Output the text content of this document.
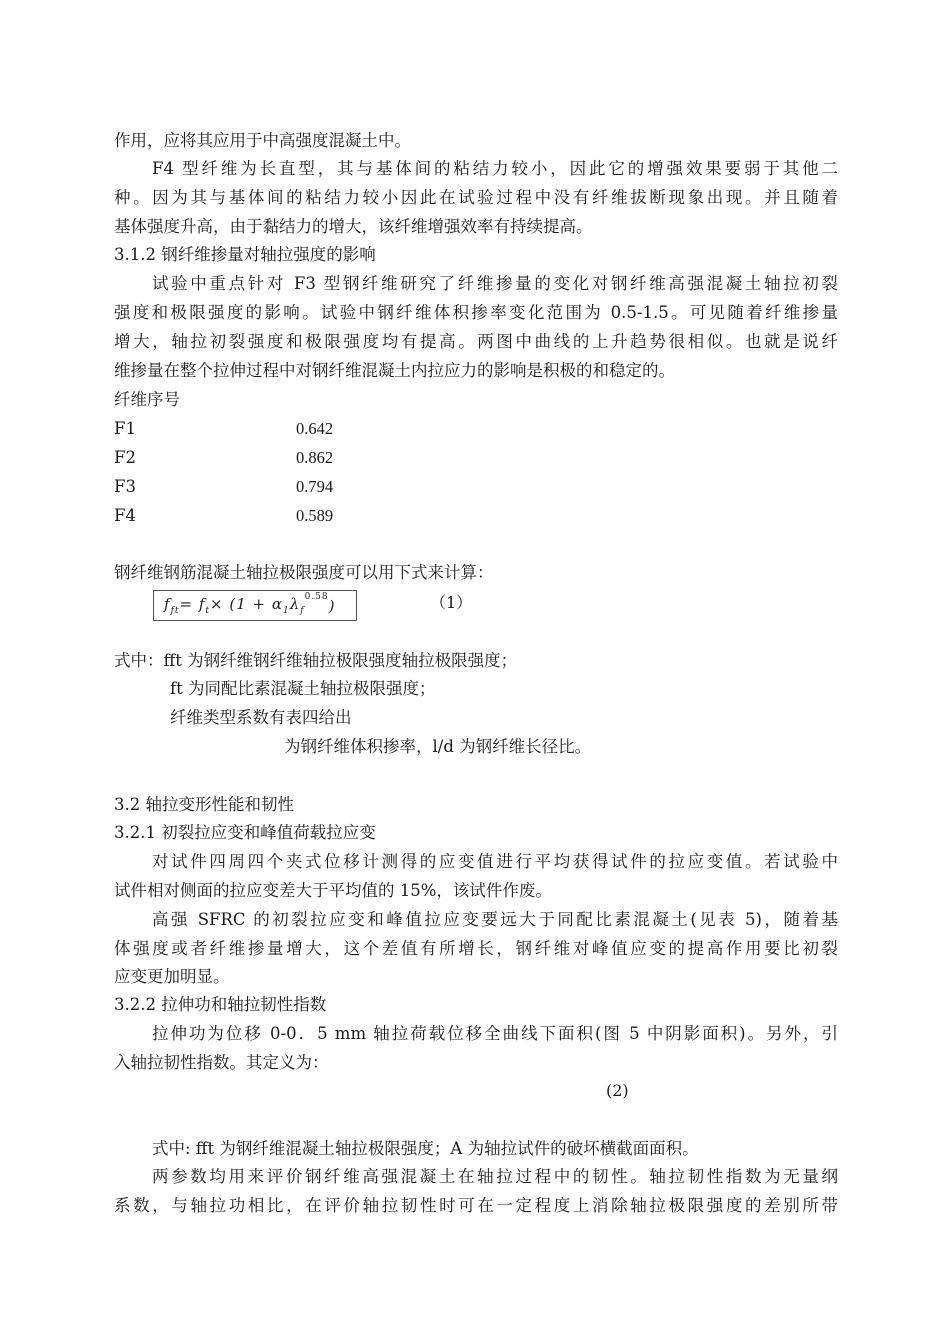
作用，应将其应用于中高强度混凝土中。
F4 型纤维为长直型，其与基体间的粘结力较小，因此它的增强效果要弱于其他二
种。因为其与基体间的粘结力较小因此在试验过程中没有纤维拔断现象出现。并且随着
基体强度升高，由于黏结力的增大，该纤维增强效率有持续提高。
3.1.2 钢纤维掺量对轴拉强度的影响
试验中重点针对 F3 型钢纤维研究了纤维掺量的变化对钢纤维高强混凝土轴拉初裂
强度和极限强度的影响。试验中钢纤维体积掺率变化范围为 0.5-1.5。可见随着纤维掺量
增大，轴拉初裂强度和极限强度均有提高。两图中曲线的上升趋势很相似。也就是说纤
维掺量在整个拉伸过程中对钢纤维混凝土内拉应力的影响是积极的和稳定的。
纤维序号
F1	0.642
F2	0.862
F3	0.794
F4	0.589
钢纤维钢筋混凝土轴拉极限强度可以用下式来计算：
$f_{ft} = f_t \times (1 + \alpha_1$ $\lambda_f^{0.58}$ )	（1）
式中：fft 为钢纤维钢纤维轴拉极限强度轴拉极限强度；
ft 为同配比素混凝土轴拉极限强度；
纤维类型系数有表四给出
为钢纤维体积掺率，l/d 为钢纤维长径比。
3.2 轴拉变形性能和韧性
3.2.1 初裂拉应变和峰值荷载拉应变
对试件四周四个夹式位移计测得的应变值进行平均获得试件的拉应变值。若试验中
试件相对侧面的拉应变差大于平均值的 15%，该试件作废。
高强 SFRC 的初裂拉应变和峰值拉应变要远大于同配比素混凝土(见表 5)，随着基
体强度或者纤维掺量增大，这个差值有所增长，钢纤维对峰值应变的提高作用要比初裂
应变更加明显。
3.2.2 拉伸功和轴拉韧性指数
拉伸功为位移 0-0．5 mm 轴拉荷载位移全曲线下面积(图 5 中阴影面积)。另外，引
入轴拉韧性指数。其定义为：
(2)
式中: fft 为钢纤维混凝土轴拉极限强度；A 为轴拉试件的破坏横截面面积。
两参数均用来评价钢纤维高强混凝土在轴拉过程中的韧性。轴拉韧性指数为无量纲
系数，与轴拉功相比，在评价轴拉韧性时可在一定程度上消除轴拉极限强度的差别所带
